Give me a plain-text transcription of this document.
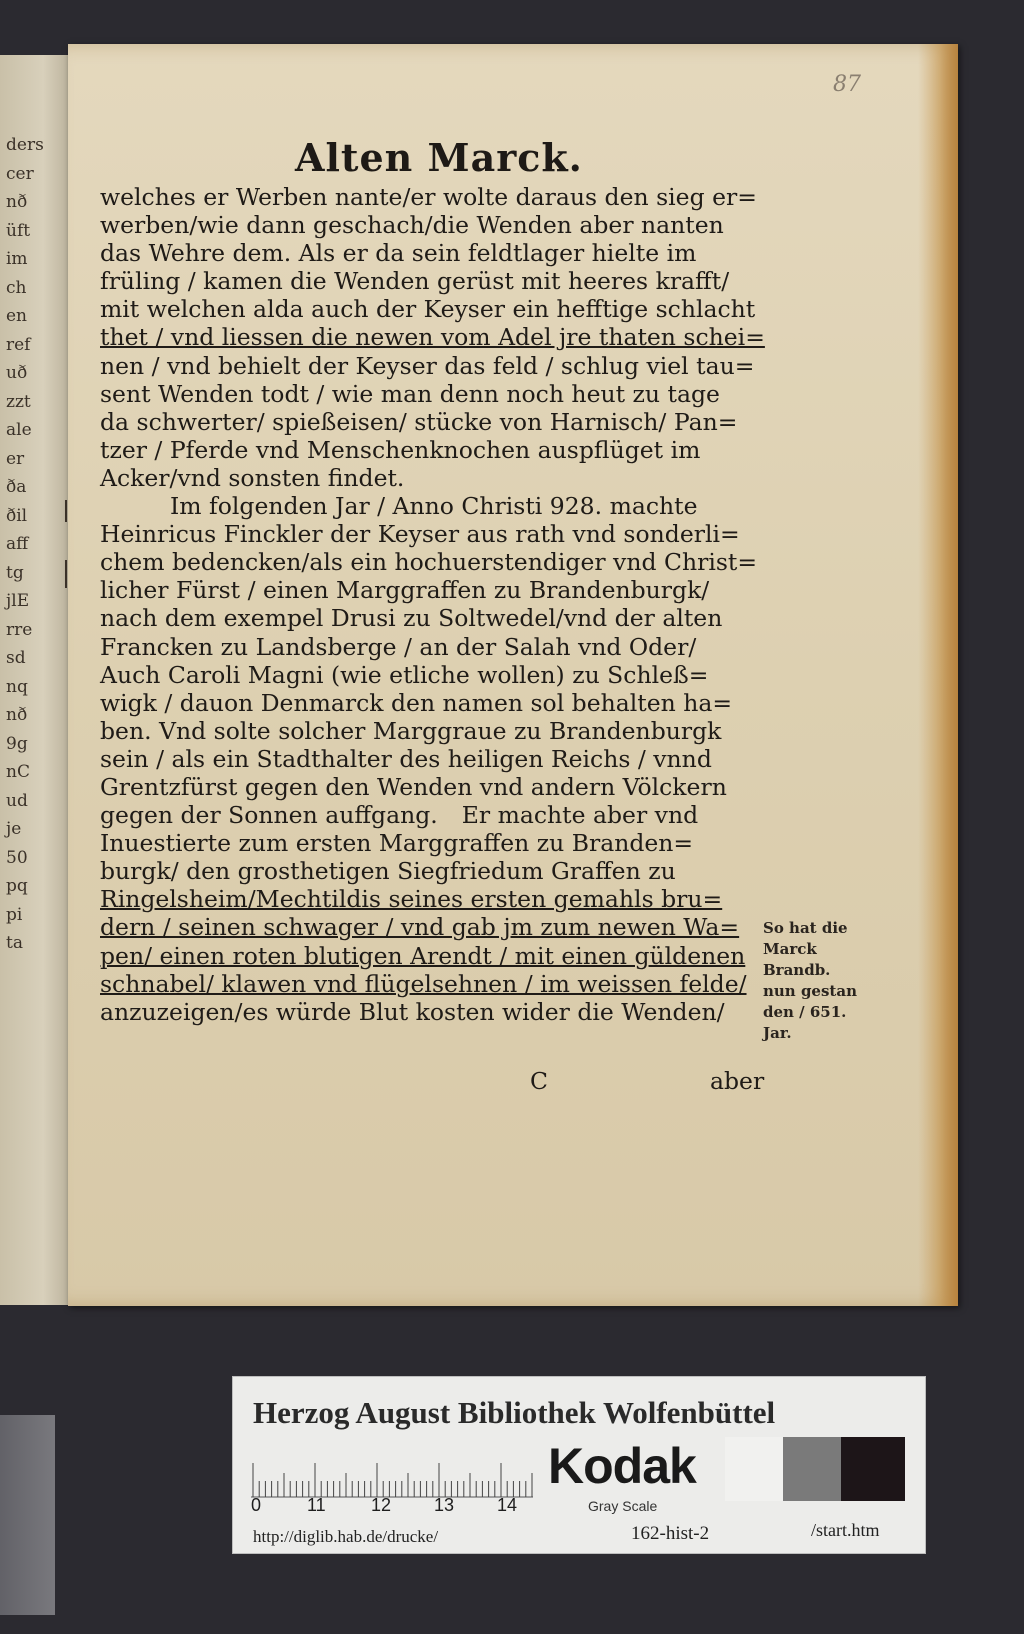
ders
cer
nð
üft
im
ch
en
ref
uð
zzt
ale
er
ða
ðil
aff
tg
jlE
rre
sd
nq
nð
9g
nC
ud
je
50
pq
pi
ta
87
Alten Marck.
welches er Werben nante/er wolte daraus den sieg er=
werben/wie dann geschach/die Wenden aber nanten
das Wehre dem. Als er da sein feldtlager hielte im
früling / kamen die Wenden gerüst mit heeres krafft/
mit welchen alda auch der Keyser ein hefftige schlacht
thet / vnd liessen die newen vom Adel jre thaten schei=
nen / vnd behielt der Keyser das feld / schlug viel tau=
sent Wenden todt / wie man denn noch heut zu tage
da schwerter/ spießeisen/ stücke von Harnisch/ Pan=
tzer / Pferde vnd Menschenknochen auspflüget im
Acker/vnd sonsten findet.
Im folgenden Jar / Anno Christi 928. machte
Heinricus Finckler der Keyser aus rath vnd sonderli=
chem bedencken/als ein hochuerstendiger vnd Christ=
licher Fürst / einen Marggraffen zu Brandenburgk/
nach dem exempel Drusi zu Soltwedel/vnd der alten
Francken zu Landsberge / an der Salah vnd Oder/
Auch Caroli Magni (wie etliche wollen) zu Schleß=
wigk / dauon Denmarck den namen sol behalten ha=
ben. Vnd solte solcher Marggraue zu Brandenburgk
sein / als ein Stadthalter des heiligen Reichs / vnnd
Grentzfürst gegen den Wenden vnd andern Völckern
gegen der Sonnen auffgang. Er machte aber vnd
Inuestierte zum ersten Marggraffen zu Branden=
burgk/ den grosthetigen Siegfriedum Graffen zu
Ringelsheim/Mechtildis seines ersten gemahls bru=
dern / seinen schwager / vnd gab jm zum newen Wa=
pen/ einen roten blutigen Arendt / mit einen güldenen
schnabel/ klawen vnd flügelsehnen / im weissen felde/
anzuzeigen/es würde Blut kosten wider die Wenden/
C	aber
So hat die
Marck
Brandb.
nun gestan
den / 651.
Jar.
Herzog August Bibliothek Wolfenbüttel
0	11	12 13 14
Kodak
Gray Scale
http://diglib.hab.de/drucke/	162-hist-2	/start.htm
